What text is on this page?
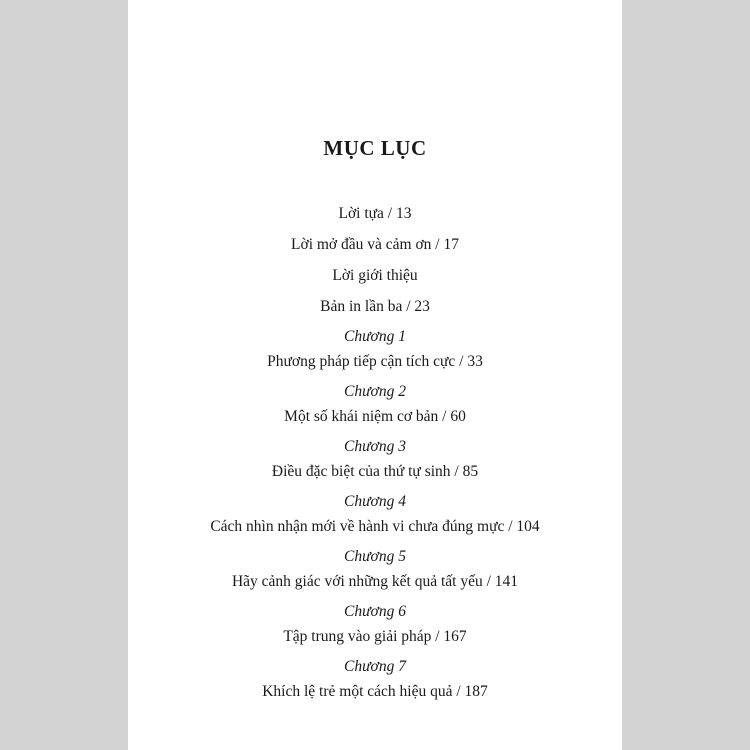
MỤC LỤC
Lời tựa / 13
Lời mở đầu và cảm ơn / 17
Lời giới thiệu
Bản in lần ba / 23
Chương 1
Phương pháp tiếp cận tích cực / 33
Chương 2
Một số khái niệm cơ bản / 60
Chương 3
Điều đặc biệt của thứ tự sinh / 85
Chương 4
Cách nhìn nhận mới về hành vi chưa đúng mực / 104
Chương 5
Hãy cảnh giác với những kết quả tất yếu / 141
Chương 6
Tập trung vào giải pháp / 167
Chương 7
Khích lệ trẻ một cách hiệu quả / 187
